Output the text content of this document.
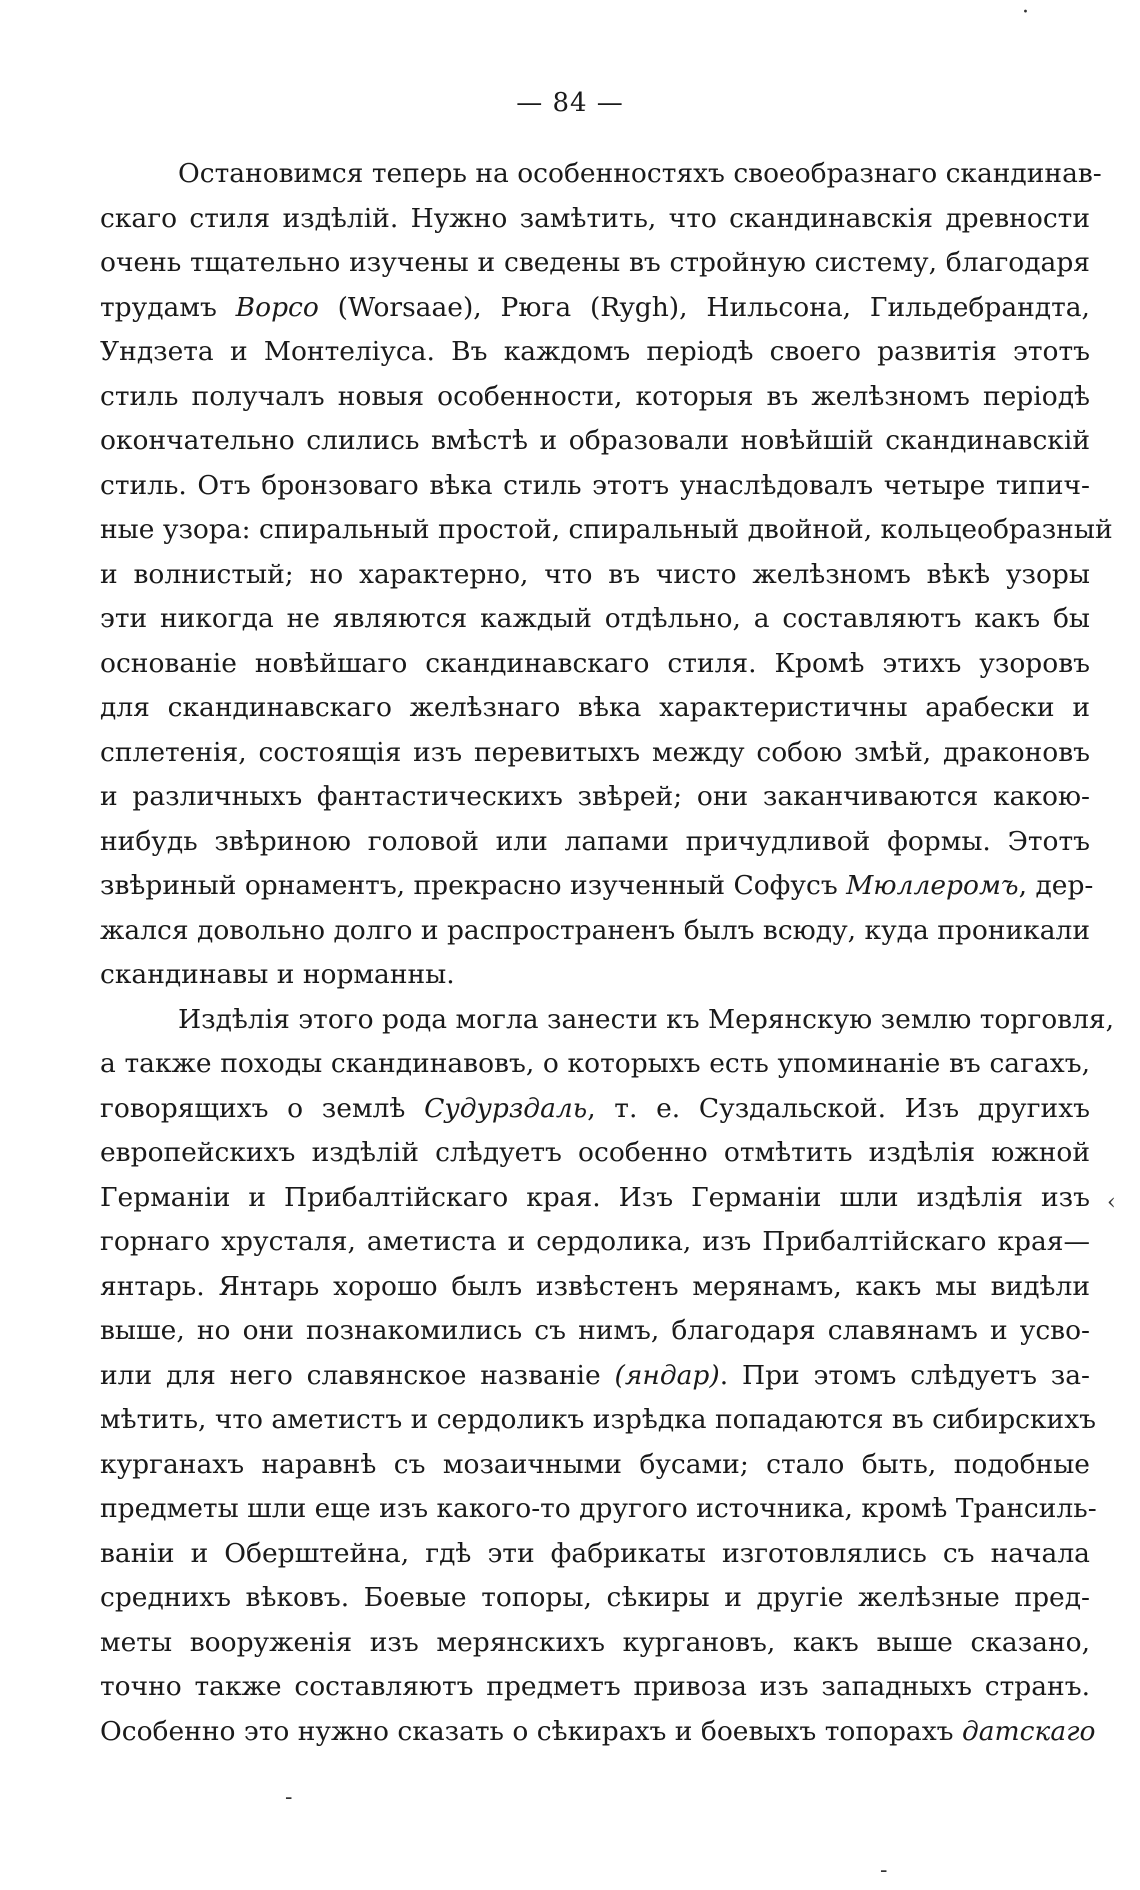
— 84 —
Остановимся теперь на особенностяхъ своеобразнаго скандинав-
скаго стиля издѣлій. Нужно замѣтить, что скандинавскія древности
очень тщательно изучены и сведены въ стройную систему, благодаря
трудамъ Ворсо (Worsaae), Рюга (Rygh), Нильсона, Гильдебрандта,
Ундзета и Монтеліуса. Въ каждомъ періодѣ своего развитія этотъ
стиль получалъ новыя особенности, которыя въ желѣзномъ періодѣ
окончательно слились вмѣстѣ и образовали новѣйшій скандинавскій
стиль. Отъ бронзоваго вѣка стиль этотъ унаслѣдовалъ четыре типич-
ные узора: спиральный простой, спиральный двойной, кольцеобразный
и волнистый; но характерно, что въ чисто желѣзномъ вѣкѣ узоры
эти никогда не являются каждый отдѣльно, а составляютъ какъ бы
основаніе новѣйшаго скандинавскаго стиля. Кромѣ этихъ узоровъ
для скандинавскаго желѣзнаго вѣка характеристичны арабески и
сплетенія, состоящія изъ перевитыхъ между собою змѣй, драконовъ
и различныхъ фантастическихъ звѣрей; они заканчиваются какою-
нибудь звѣриною головой или лапами причудливой формы. Этотъ
звѣриный орнаментъ, прекрасно изученный Софусъ Мюллеромъ, дер-
жался довольно долго и распространенъ былъ всюду, куда проникали
скандинавы и норманны.
Издѣлія этого рода могла занести къ Мерянскую землю торговля,
а также походы скандинавовъ, о которыхъ есть упоминаніе въ сагахъ,
говорящихъ о землѣ Судурздаль, т. е. Суздальской. Изъ другихъ
европейскихъ издѣлій слѣдуетъ особенно отмѣтить издѣлія южной
Германіи и Прибалтійскаго края. Изъ Германіи шли издѣлія изъ
горнаго хрусталя, аметиста и сердолика, изъ Прибалтійскаго края—
янтарь. Янтарь хорошо былъ извѣстенъ мерянамъ, какъ мы видѣли
выше, но они познакомились съ нимъ, благодаря славянамъ и усво-
или для него славянское названіе (яндар). При этомъ слѣдуетъ за-
мѣтить, что аметистъ и сердоликъ изрѣдка попадаются въ сибирскихъ
курганахъ наравнѣ съ мозаичными бусами; стало быть, подобные
предметы шли еще изъ какого-то другого источника, кромѣ Трансиль-
ваніи и Оберштейна, гдѣ эти фабрикаты изготовлялись съ начала
среднихъ вѣковъ. Боевые топоры, сѣкиры и другіе желѣзные пред-
меты вооруженія изъ мерянскихъ кургановъ, какъ выше сказано,
точно также составляютъ предметъ привоза изъ западныхъ странъ.
Особенно это нужно сказать о сѣкирахъ и боевыхъ топорахъ датскаго
·
‹
-
-
